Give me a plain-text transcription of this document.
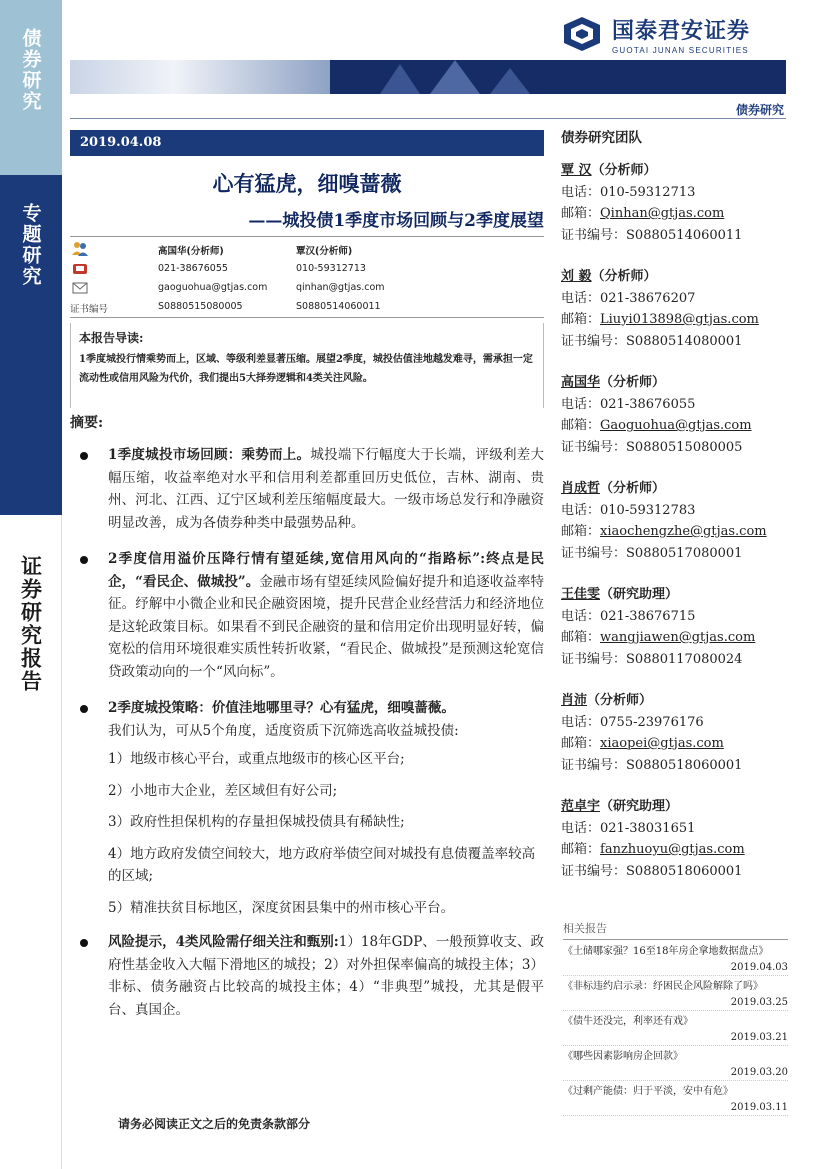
债券研究
专题研究
证券研究报告
国泰君安证券
GUOTAI JUNAN SECURITIES
债券研究
2019.04.08
心有猛虎，细嗅蔷薇
——城投债1季度市场回顾与2季度展望
高国华(分析师)	覃汉(分析师)
021-38676055	010-59312713
gaoguohua@gtjas.com	qinhan@gtjas.com
证书编号	S0880515080005	S0880514060011
本报告导读:
1季度城投行情乘势而上，区域、等级利差显著压缩。展望2季度，城投估值洼地越发难寻，需承担一定流动性或信用风险为代价，我们提出5大择券逻辑和4类关注风险。
摘要:
1季度城投市场回顾：乘势而上。城投端下行幅度大于长端，评级利差大幅压缩，收益率绝对水平和信用利差都重回历史低位，吉林、湖南、贵州、河北、江西、辽宁区域利差压缩幅度最大。一级市场总发行和净融资明显改善，成为各债券种类中最强势品种。
2季度信用溢价压降行情有望延续,宽信用风向的“指路标”:终点是民企，“看民企、做城投”。金融市场有望延续风险偏好提升和追逐收益率特征。纾解中小微企业和民企融资困境，提升民营企业经营活力和经济地位是这轮政策目标。如果看不到民企融资的量和信用定价出现明显好转，偏宽松的信用环境很难实质性转折收紧，“看民企、做城投”是预测这轮宽信贷政策动向的一个“风向标”。
2季度城投策略：价值洼地哪里寻？心有猛虎，细嗅蔷薇。
我们认为，可从5个角度，适度资质下沉筛选高收益城投债:
1）地级市核心平台，或重点地级市的核心区平台;
2）小地市大企业，差区域但有好公司;
3）政府性担保机构的存量担保城投债具有稀缺性;
4）地方政府发债空间较大，地方政府举债空间对城投有息债覆盖率较高的区域;
5）精准扶贫目标地区，深度贫困县集中的州市核心平台。
风险提示，4类风险需仔细关注和甄别:1）18年GDP、一般预算收支、政府性基金收入大幅下滑地区的城投；2）对外担保率偏高的城投主体；3）非标、债务融资占比较高的城投主体；4）“非典型”城投，尤其是假平台、真国企。
债券研究团队
覃 汉（分析师）
电话：010-59312713
邮箱：Qinhan@gtjas.com
证书编号：S0880514060011
刘 毅（分析师）
电话：021-38676207
邮箱：Liuyi013898@gtjas.com
证书编号：S0880514080001
高国华（分析师）
电话：021-38676055
邮箱：Gaoguohua@gtjas.com
证书编号：S0880515080005
肖成哲（分析师）
电话：010-59312783
邮箱：xiaochengzhe@gtjas.com
证书编号：S0880517080001
王佳雯（研究助理）
电话：021-38676715
邮箱：wangjiawen@gtjas.com
证书编号：S0880117080024
肖沛（分析师）
电话：0755-23976176
邮箱：xiaopei@gtjas.com
证书编号：S0880518060001
范卓宇（研究助理）
电话：021-38031651
邮箱：fanzhuoyu@gtjas.com
证书编号：S0880518060001
相关报告
《土储哪家强？16至18年房企拿地数据盘点》
2019.04.03
《非标违约启示录：纾困民企风险解除了吗》
2019.03.25
《债牛还没完，利率还有戏》
2019.03.21
《哪些因素影响房企回款》
2019.03.20
《过剩产能债：归于平淡，安中有危》
2019.03.11
请务必阅读正文之后的免责条款部分
